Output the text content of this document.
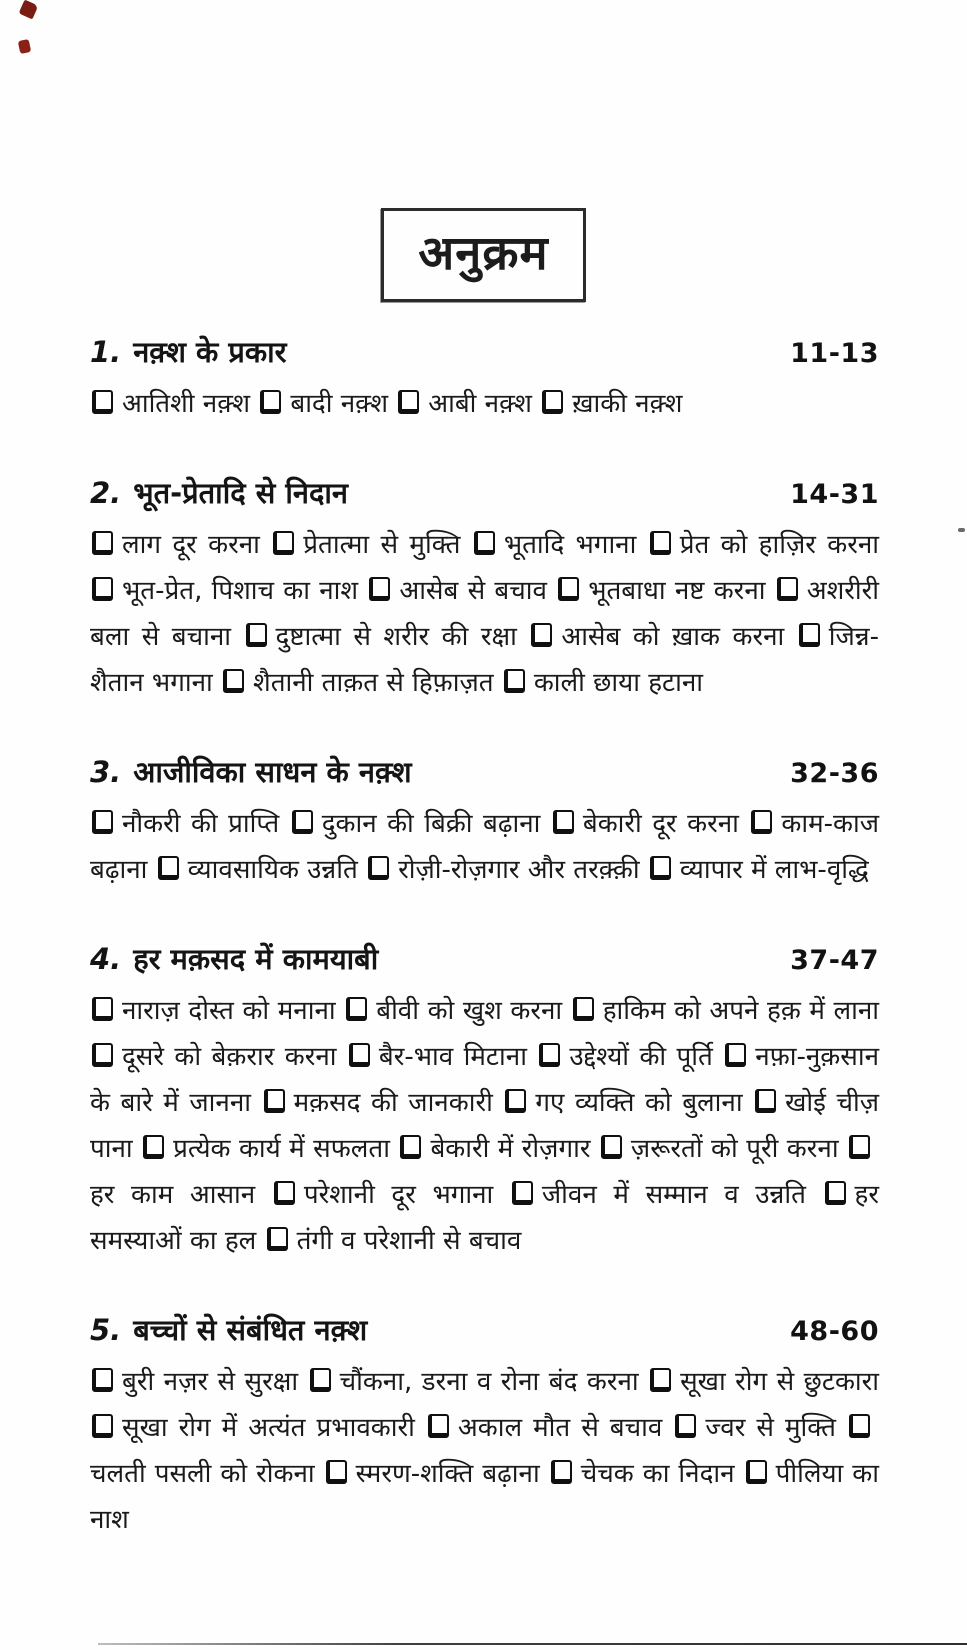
अनुक्रम
1. नक़्श के प्रकार	11-13

आतिशी नक़्श बादी नक़्श आबी नक़्श ख़ाकी नक़्श

2. भूत-प्रेतादि से निदान	14-31

लाग दूर करना प्रेतात्मा से मुक्ति भूतादि भगाना प्रेत को हाज़िर करना भूत-प्रेत, पिशाच का नाश आसेब से बचाव भूतबाधा नष्ट करना अशरीरी बला से बचाना दुष्टात्मा से शरीर की रक्षा आसेब को ख़ाक करना जिन्न-शैतान भगाना शैतानी ताक़त से हिफ़ाज़त काली छाया हटाना

3. आजीविका साधन के नक़्श	32-36

नौकरी की प्राप्ति दुकान की बिक्री बढ़ाना बेकारी दूर करना काम-काज बढ़ाना व्यावसायिक उन्नति रोज़ी-रोज़गार और तरक़्क़ी व्यापार में लाभ-वृद्धि

4. हर मक़सद में कामयाबी	37-47

नाराज़ दोस्त को मनाना बीवी को खुश करना हाकिम को अपने हक़ में लाना दूसरे को बेक़रार करना बैर-भाव मिटाना उद्देश्यों की पूर्ति नफ़ा-नुक़सान के बारे में जानना मक़सद की जानकारी गए व्यक्ति को बुलाना खोई चीज़ पाना प्रत्येक कार्य में सफलता बेकारी में रोज़गार ज़रूरतों को पूरी करना हर काम आसान परेशानी दूर भगाना जीवन में सम्मान व उन्नति हर समस्याओं का हल तंगी व परेशानी से बचाव

5. बच्चों से संबंधित नक़्श	48-60

बुरी नज़र से सुरक्षा चौंकना, डरना व रोना बंद करना सूखा रोग से छुटकारा सूखा रोग में अत्यंत प्रभावकारी अकाल मौत से बचाव ज्वर से मुक्ति चलती पसली को रोकना स्मरण-शक्ति बढ़ाना चेचक का निदान पीलिया का नाश
